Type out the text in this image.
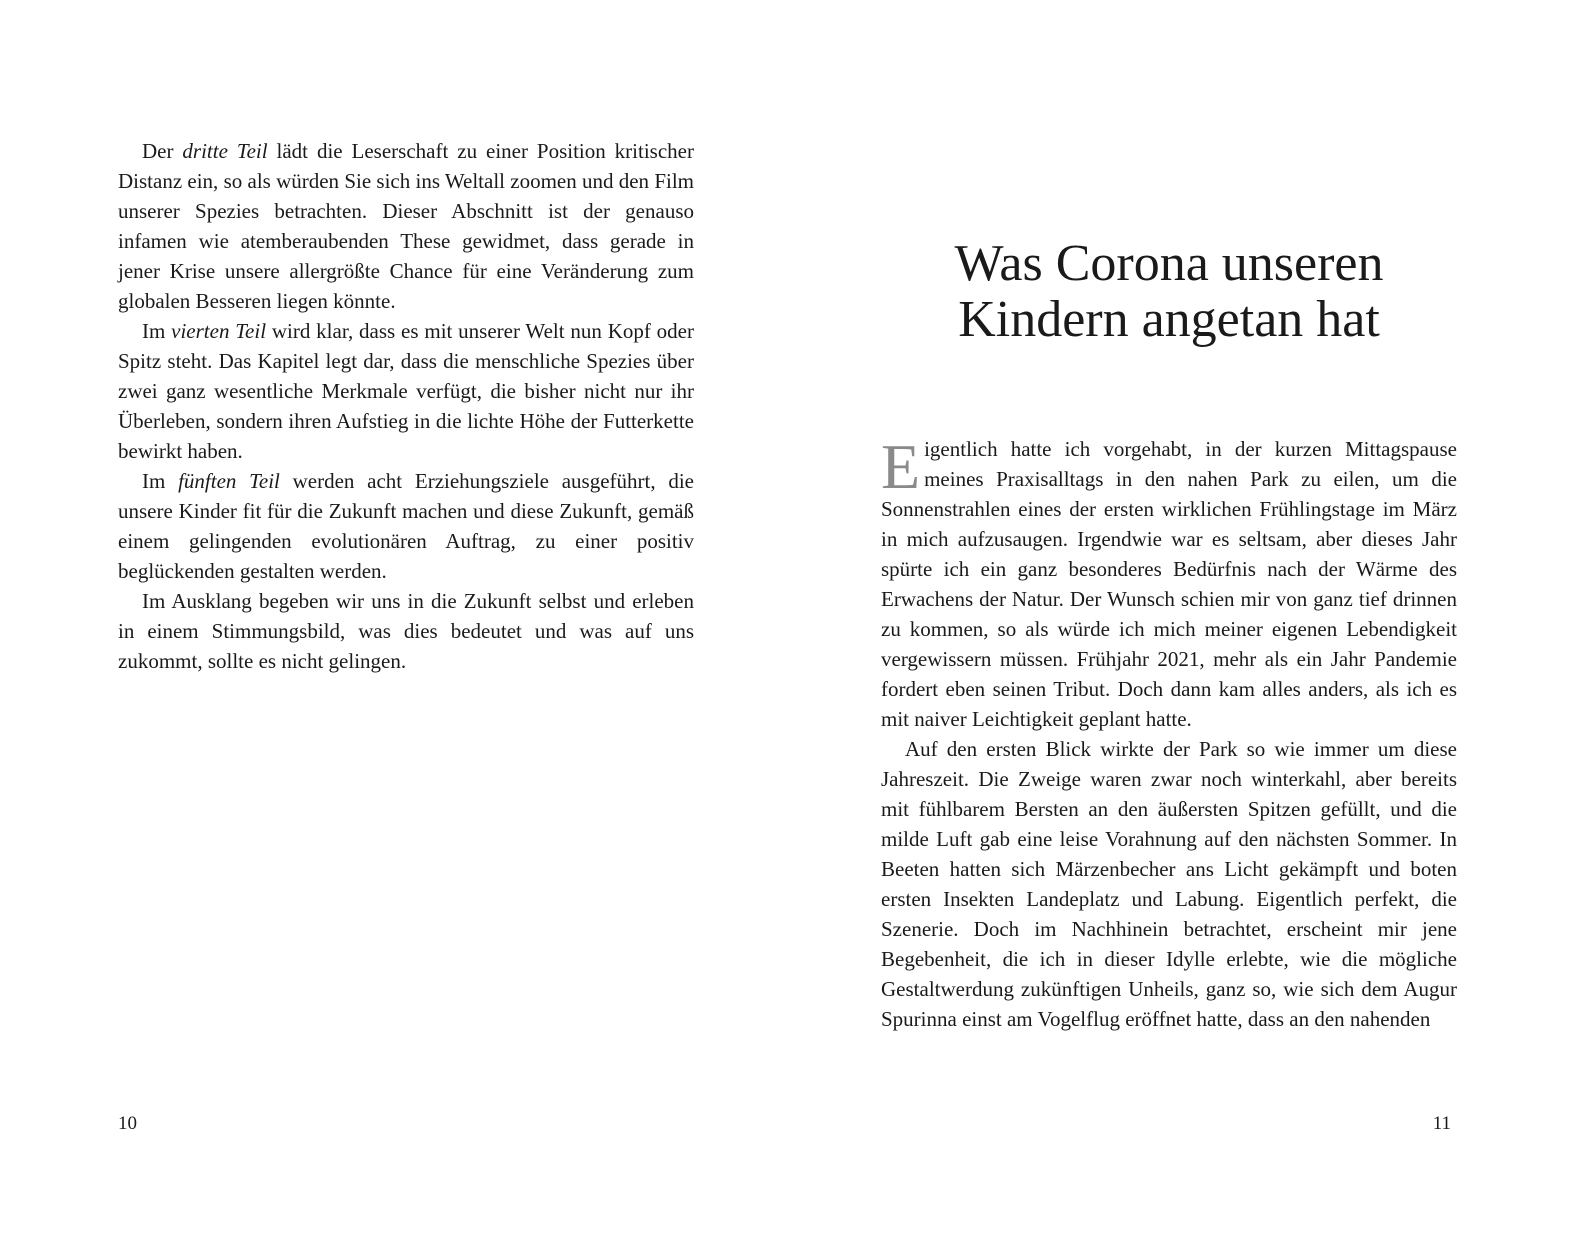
Der dritte Teil lädt die Leserschaft zu einer Position kritischer Distanz ein, so als würden Sie sich ins Weltall zoomen und den Film unserer Spezies betrachten. Dieser Abschnitt ist der genauso infamen wie atemberaubenden These gewidmet, dass gerade in jener Krise unsere allergrößte Chance für eine Veränderung zum globalen Besseren liegen könnte.

Im vierten Teil wird klar, dass es mit unserer Welt nun Kopf oder Spitz steht. Das Kapitel legt dar, dass die menschliche Spezies über zwei ganz wesentliche Merkmale verfügt, die bisher nicht nur ihr Überleben, sondern ihren Aufstieg in die lichte Höhe der Futterkette bewirkt haben.

Im fünften Teil werden acht Erziehungsziele ausgeführt, die unsere Kinder fit für die Zukunft machen und diese Zukunft, gemäß einem gelingenden evolutionären Auftrag, zu einer positiv beglückenden gestalten werden.

Im Ausklang begeben wir uns in die Zukunft selbst und erleben in einem Stimmungsbild, was dies bedeutet und was auf uns zukommt, sollte es nicht gelingen.

10
Was Corona unseren
Kindern angetan hat

Eigentlich hatte ich vorgehabt, in der kurzen Mittagspause meines Praxisalltags in den nahen Park zu eilen, um die Sonnenstrahlen eines der ersten wirklichen Frühlingstage im März in mich aufzusaugen. Irgendwie war es seltsam, aber dieses Jahr spürte ich ein ganz besonderes Bedürfnis nach der Wärme des Erwachens der Natur. Der Wunsch schien mir von ganz tief drinnen zu kommen, so als würde ich mich meiner eigenen Lebendigkeit vergewissern müssen. Frühjahr 2021, mehr als ein Jahr Pandemie fordert eben seinen Tribut. Doch dann kam alles anders, als ich es mit naiver Leichtigkeit geplant hatte.

Auf den ersten Blick wirkte der Park so wie immer um diese Jahreszeit. Die Zweige waren zwar noch winterkahl, aber bereits mit fühlbarem Bersten an den äußersten Spitzen gefüllt, und die milde Luft gab eine leise Vorahnung auf den nächsten Sommer. In Beeten hatten sich Märzenbecher ans Licht gekämpft und boten ersten Insekten Landeplatz und Labung. Eigentlich perfekt, die Szenerie. Doch im Nachhinein betrachtet, erscheint mir jene Begebenheit, die ich in dieser Idylle erlebte, wie die mögliche Gestaltwerdung zukünftigen Unheils, ganz so, wie sich dem Augur Spurinna einst am Vogelflug eröffnet hatte, dass an den nahenden

11
